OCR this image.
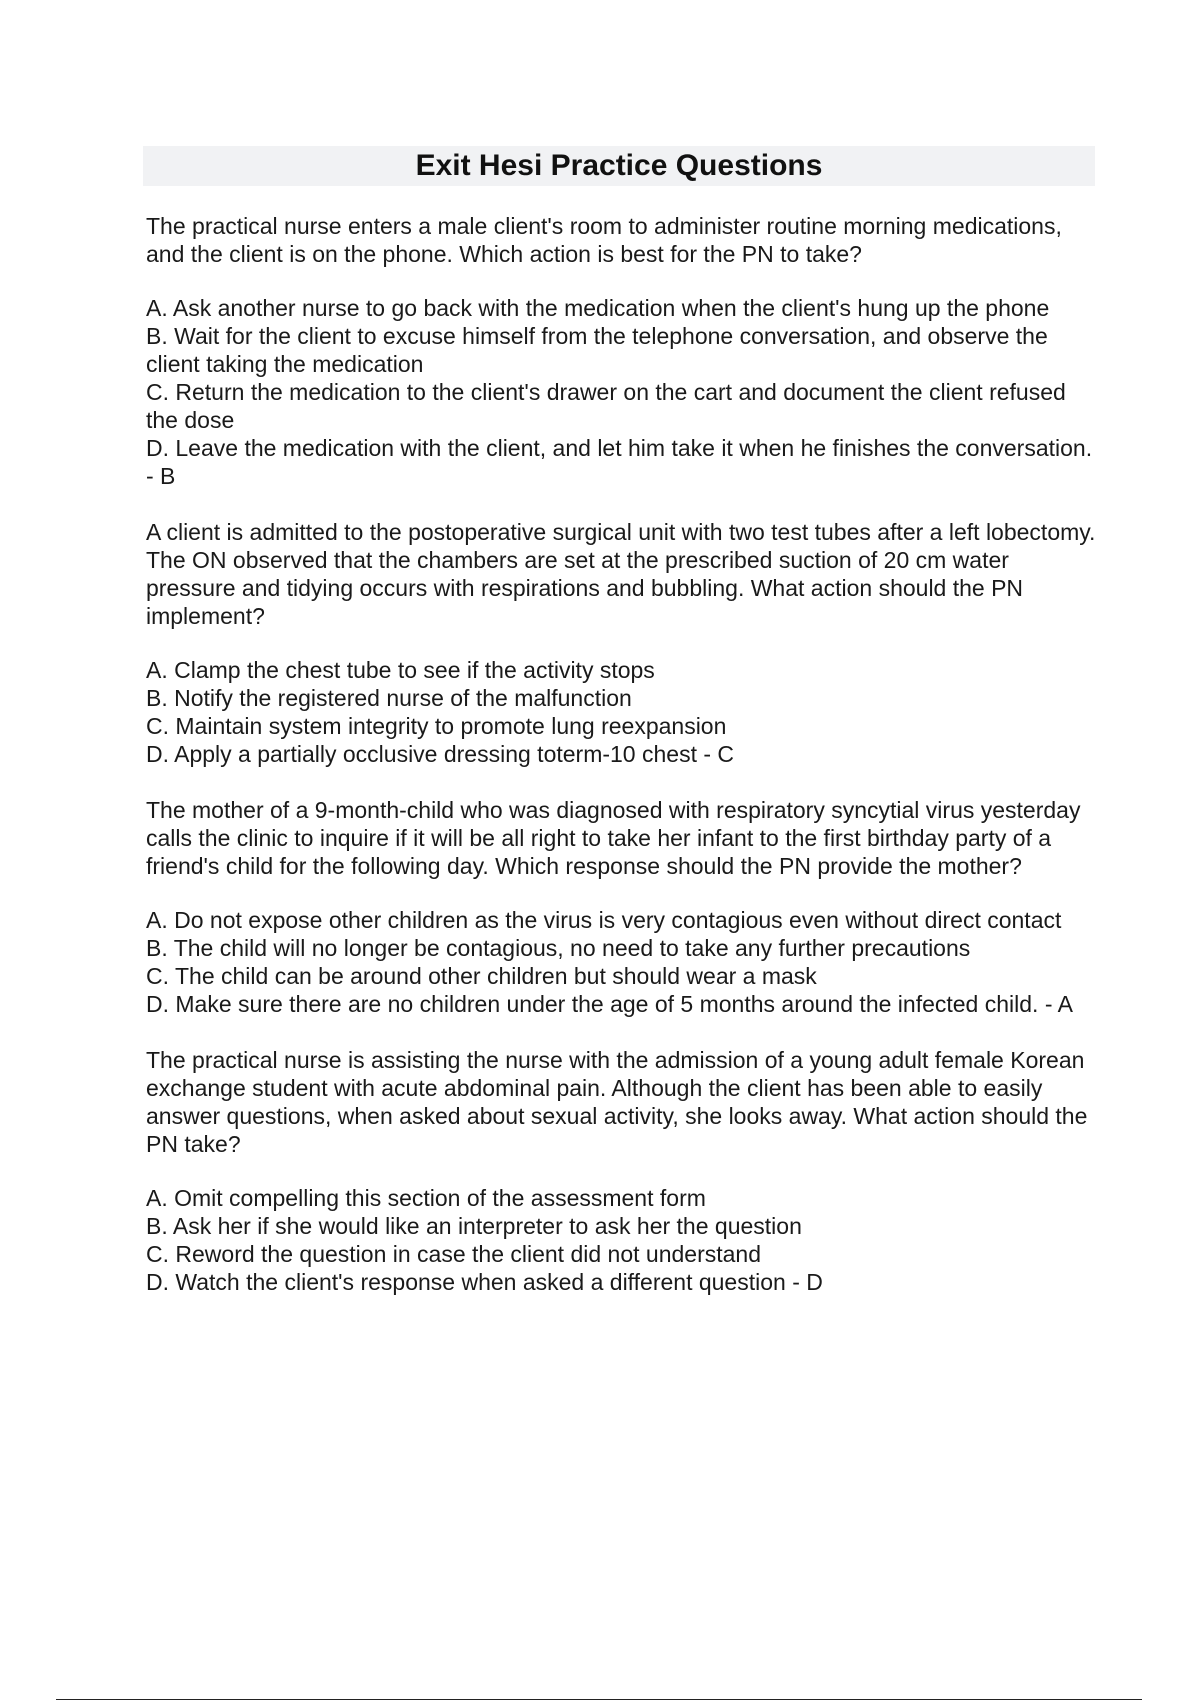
Exit Hesi Practice Questions

The practical nurse enters a male client's room to administer routine morning medications, and the client is on the phone. Which action is best for the PN to take?

A. Ask another nurse to go back with the medication when the client's hung up the phone

B. Wait for the client to excuse himself from the telephone conversation, and observe the client taking the medication

C. Return the medication to the client's drawer on the cart and document the client refused the dose

D. Leave the medication with the client, and let him take it when he finishes the conversation. - B

A client is admitted to the postoperative surgical unit with two test tubes after a left lobectomy. The ON observed that the chambers are set at the prescribed suction of 20 cm water pressure and tidying occurs with respirations and bubbling. What action should the PN implement?

A. Clamp the chest tube to see if the activity stops

B. Notify the registered nurse of the malfunction

C. Maintain system integrity to promote lung reexpansion

D. Apply a partially occlusive dressing toterm-10 chest - C

The mother of a 9-month-child who was diagnosed with respiratory syncytial virus yesterday calls the clinic to inquire if it will be all right to take her infant to the first birthday party of a friend's child for the following day. Which response should the PN provide the mother?

A. Do not expose other children as the virus is very contagious even without direct contact

B. The child will no longer be contagious, no need to take any further precautions

C. The child can be around other children but should wear a mask

D. Make sure there are no children under the age of 5 months around the infected child. - A

The practical nurse is assisting the nurse with the admission of a young adult female Korean exchange student with acute abdominal pain. Although the client has been able to easily answer questions, when asked about sexual activity, she looks away. What action should the PN take?

A. Omit compelling this section of the assessment form

B. Ask her if she would like an interpreter to ask her the question

C. Reword the question in case the client did not understand

D. Watch the client's response when asked a different question - D
